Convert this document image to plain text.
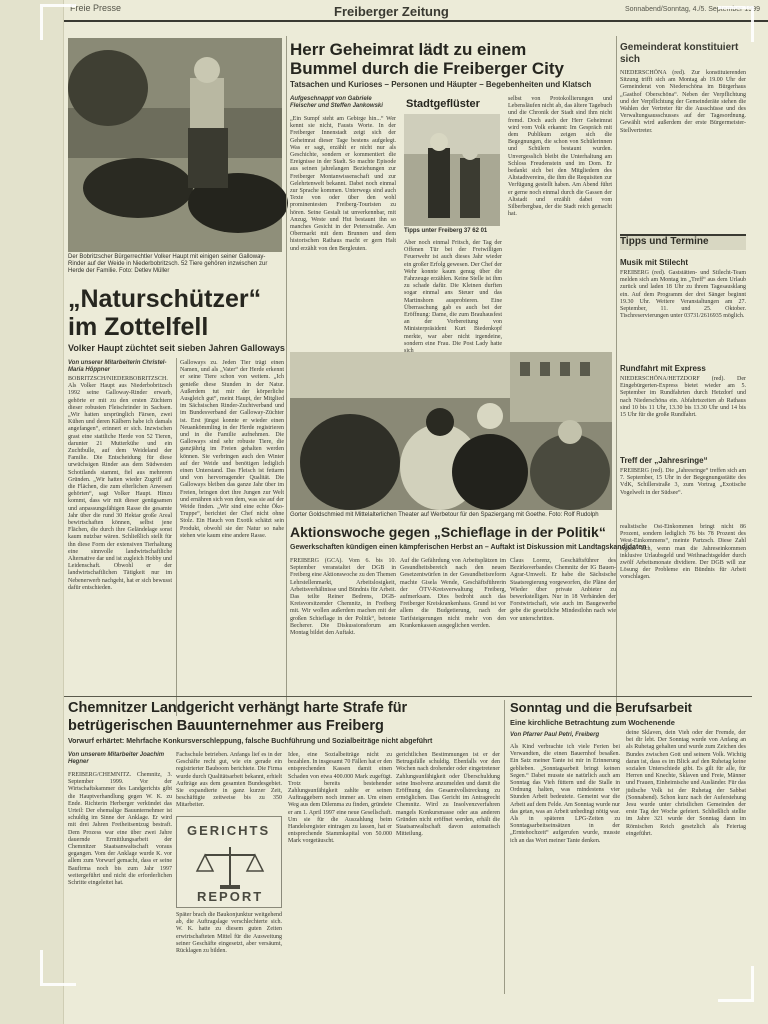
Freie Presse	Freiberger Zeitung	Sonnabend/Sonntag, 4./5. September 1999
Der Bobritzscher Bürgerrechtler Volker Haupt mit einigen seiner Galloway-Rinder auf der Weide in Niederbobritzsch. 52 Tiere gehören inzwischen zur Herde der Familie. Foto: Detlev Müller
„Naturschützer“
im Zottelfell
Volker Haupt züchtet seit sieben Jahren Galloways
Von unserer Mitarbeiterin Christel-Maria Höppner
BOBRITZSCH/NIEDERBOBRITZSCH. Als Volker Haupt aus Niederbobritzsch 1992 seine Galloway-Rinder erwarb, gehörte er mit zu den ersten Züchtern dieser robusten Fleischrinder in Sachsen. „Wir hatten ursprünglich Färsen, zwei Kühen und deren Kälbern habe ich damals angefangen“, erinnert er sich. Inzwischen grast eine stattliche Herde von 52 Tieren, darunter 21 Mutterkühe und ein Zuchtbulle, auf dem Weideland der Familie. Die Entscheidung für diese urwüchsigen Rinder aus dem Südwesten Schottlands stammt, fiel aus mehreren Gründen. „Wir hatten wieder Zugriff auf die Flächen, die zum elterlichen Anwesen gehörten“, sagt Volker Haupt. Hinzu kommt, dass wir mit dieser genügsamen und anpassungsfähigen Rasse die gesamte Jahr über die rund 30 Hektar große Areal bewirtschaften können, selbst jene Flächen, die durch ihre Geländelage sonst kaum nutzbar wären. Schließlich stellt für ihn diese Form der extensiven Tierhaltung eine sinnvolle landwirtschaftliche Alternative dar und ist zugleich Hobby und Leidenschaft. Obwohl er der landwirtschaftlichen Tätigkeit nur im Nebenerwerb nachgeht, hat er sich bewusst dafür entschieden.
Galloways zu. Jeden Tier trägt einen Namen, und als „Vater“ der Herde erkennt er seine Tiere schon von weitem. „Ich genieße diese Stunden in der Natur. Außerdem tut mir der körperliche Ausgleich gut“, meint Haupt, der Mitglied im Sächsischen Rinder-Zuchtverband und im Bundesverband der Galloway-Züchter ist. Erst jüngst konnte er wieder einen Neuankömmling in der Herde registrieren und in die Familie aufnehmen. Die Galloways sind sehr robuste Tiere, die ganzjährig im Freien gehalten werden können. Sie verbringen auch den Winter auf der Weide und benötigen lediglich einen Unterstand. Das Fleisch ist fettarm und von hervorragender Qualität. Die Galloways bleiben das ganze Jahr über im Freien, bringen dort ihre Jungen zur Welt und ernähren sich von dem, was sie auf der Weide finden. „Wir sind eine echte Öko-Truppe“, berichtet der Chef nicht ohne Stolz. Ein Hauch von Exotik schätzt sein Produkt, obwohl sie der Natur so nahe stehen wie kaum eine andere Rasse.
Herr Geheimrat lädt zu einem
Bummel durch die Freiberger City
Tatsachen und Kurioses – Personen und Häupter – Begebenheiten und Klatsch
Aufgeschnappt von Gabriele Fleischer und Steffen Jankowski
„Ein Sumpf steht am Gebirge hin...“ Wer kennt sie nicht, Fausts Worte. In der Freiberger Innenstadt zeigt sich der Geheimrat dieser Tage bestens aufgelegt. Was er sagt, erzählt er nicht nur als Geschichte, sondern er kommentiert die Ereignisse in der Stadt. So machte Episode aus seinen jahrelangen Beziehungen zur Freiberger Montanwissenschaft und zur Gelehrtenwelt bekannt. Dabei noch einmal zur Sprache kommen. Unterwegs sind auch Texte von oder über den wohl prominentesten Freiberg-Touristen zu hören. Seine Gestalt ist unverkennbar, mit Anzug, Weste und Hut bestaunt ihn so manches Gesicht in der Petersstraße. Am Obermarkt mit dem Brunnen und dem historischen Rathaus macht er gern Halt und erzählt von den Bergleuten.
Stadtgeflüster
Tipps unter Freiberg 37 62 01
Aber noch einmal Fritsch, der Tag der Offenen Tür bei der Freiwilligen Feuerwehr ist auch dieses Jahr wieder ein großer Erfolg gewesen. Der Chef der Wehr konnte kaum genug über die Fahrzeuge erzählen. Keine Stelle ist ihm zu schade dafür. Die Kleinen durften sogar einmal ans Steuer und das Martinshorn ausprobieren. Eine Überraschung gab es auch bei der Eröffnung: Dame, die zum Brauhausfest an der Vorbereitung von Ministerpräsident Kurt Biedenkopf merkte, war aber nicht irgendeine, sondern eine Frau. Die Post Lady hatte
selbst von Protokollierungen und Lebensläufen nicht ab, das ältere Tagebuch und die Chronik der Stadt sind ihm nicht fremd. Doch auch der Herr Geheimrat wird vom Volk erkannt: Im Gespräch mit dem Publikum zeigen sich die Begegnungen, die schon von Schülerinnen und Schülern bestaunt wurden. Unvergesslich bleibt die Unterhaltung am Schloss Freudenstein und im Dom. Er bedankt sich bei den Mitgliedern des Altstadtvereins, die ihm die Requisiten zur Verfügung gestellt haben. Am Abend führt er gerne noch einmal durch die Gassen der Altstadt und erzählt dabei vom Silberbergbau, der die Stadt reich gemacht hat.
Gemeinderat konstituiert sich
NIEDERSCHÖNA (red). Zur konstituierenden Sitzung trifft sich am Montag ab 19.00 Uhr der Gemeinderat von Niederschöna im Bürgerhaus „Gasthof Oberschöna“. Neben der Verpflichtung und der Verpflichtung der Gemeinderäte stehen die Wahlen der Vertreter für die Ausschüsse und des Verwaltungsausschusses auf der Tagesordnung. Gewählt wird außerdem der erste Bürgermeister-Stellvertreter.
Tipps und Termine
Musik mit Stilecht
FREIBERG (red). Gaststätten- und Stilecht-Team melden sich am Montag im „Treff“ aus dem Urlaub zurück und laden 18 Uhr zu ihrem Tagesausklang ein. Auf dem Programm der drei Sänger beginnt 19.30 Uhr. Weitere Veranstaltungen am 27. September, 11. und 25. Oktober. Tischreservierungen unter 03731/2616935 möglich.
Rundfahrt mit Express
NIEDERSCHÖNA/HETZDORF (red). Der Eingebürgerten-Express bietet wieder am 5. September im Rundfahrten durch Hetzdorf und nach Niederschöna ein. Abfahrtszeiten ab Rathaus sind 10 bis 11 Uhr, 13.30 bis 13.30 Uhr und 14 bis 15 Uhr für die große Rundfahrt.
Treff der „Jahresringe“
FREIBERG (red). Die „Jahresringe“ treffen sich am 7. September, 15 Uhr in der Begegnungsstätte des VdK, Schillerstraße 3, zum Vortrag „Exotische Vogelwelt in der Südsee“.
Gorter Goldschmied mit Mittelalterlichen Theater auf Werbetour für den Spaziergang mit Goethe. Foto: Rolf Rudolph
Aktionswoche gegen „Schieflage in der Politik“
Gewerkschaften kündigen einen kämpferischen Herbst an – Auftakt ist Diskussion mit Landtagskandidaten
FREIBERG (GCA). Vom 6. bis 10. September veranstaltet der DGB in Freiberg eine Aktionswoche zu den Themen Lehrstellenmarkt, Arbeitslosigkeit, Arbeitsverhältnisse und Bündnis für Arbeit. Das teilte Reiner Bedrens, DGB-Kreisvorsitzender Chemnitz, in Freiberg mit. Wir wollen außerdem machen mit der großen Schieflage in der Politik“, betonte Becherer. Die Diskussionsforum am Montag bildet den Auftakt.
Auf die Gefährdung von Arbeitsplätzen im Gesundheitsbereich nach den neuen Gesetzentwürfen in der Gesundheitsreform machte Gisela Wende, Geschäftsführerin der ÖTV-Kreisverwaltung Freiberg, aufmerksam. Dies bedroht auch das Freiberger Kreiskrankenhaus. Grund ist vor allem die Budgetierung, nach der Tarifsteigerungen nicht mehr von den Krankenkassen ausgeglichen werden.
Claus Lorenz, Geschäftsführer des Bezirksverbandes Chemnitz der IG Bauen-Agrar-Umwelt. Er habe die Sächsische Staatsregierung vorgeworfen, die Pläne der Wieder über private Anbieter zu bewerkstelligen. Nur in 18 Verbänden der Forstwirtschaft, wie auch im Baugewerbe gebe die gesetzliche Mindestlohn nach wie vor unterschritten.
realistische Ost-Einkommen bringt nicht 86 Prozent, sondern lediglich 76 bis 78 Prozent des West-Einkommens“, meinte Partzsch. Diese Zahl ergebe sich, wenn man die Jahreseinkommen inklusive Urlaubsgeld und Weihnachtsgelder durch zwölf Arbeitsmonate dividiere. Der DGB will zur Lösung der Probleme ein Bündnis für Arbeit vorschlagen.
Chemnitzer Landgericht verhängt harte Strafe für
betrügerischen Bauunternehmer aus Freiberg
Vorwurf erhärtet: Mehrfache Konkursverschleppung, falsche Buchführung und Sozialbeiträge nicht abgeführt
Von unserem Mitarbeiter Joachim Hegner
FREIBERG/CHEMNITZ. Chemnitz, 3. September 1999. Vor der Wirtschaftskammer des Landgerichts gibt die Hauptverhandlung gegen W. K. zu Ende. Richterin Herberger verkündet das Urteil: Der ehemalige Bauunternehmer ist schuldig im Sinne der Anklage. Er wird mit drei Jahren Freiheitsentzug bestraft. Dem Prozess war eine über zwei Jahre dauernde Ermittlungsarbeit der Chemnitzer Staatsanwaltschaft voraus gegangen. Vom der Anklage wurde K. vor allem zum Vorwurf gemacht, dass er seine Baufirma noch bis zum Jahr 1997 weitergeführt und nicht die erforderlichen Schritte eingeleitet hat.
Fachschule betrieben. Anfangs lief es in der Geschäfte recht gut, wie ein gerade ein registrierter Bauboom berichtete. Die Firma wurde durch Qualitätsarbeit bekannt, erhielt Aufträge aus dem gesamten Bundesgebiet. Sie expandierte in ganz kurzer Zeit, beschäftigte zeitweise bis zu 350 Mitarbeiter.
GERICHTS
REPORT
Später brach die Baukonjunktur weitgehend ab, die Auftragslage verschlechterte sich. W. K. hatte zu diesem guten Zeiten erwirtschafteten Mittel für die Ausweitung seiner Geschäfte eingesetzt, aber versäumt, Rücklagen zu bilden.
Idee, eine Sozialbeiträge nicht zu bezahlen. In insgesamt 70 Fällen hat er den entsprechenden Kassen damit einen Schaden von etwa 400.000 Mark zugefügt. Trotz bereits bestehender Zahlungsunfähigkeit zahlte er seinen Auftraggebern noch immer an. Um einen Weg aus dem Dilemma zu finden, gründete er am 1. April 1997 eine neue Gesellschaft. Um sie für die Auszahlung beim Handelsregister eintragen zu lassen, hat er entsprechende Stammkapital von 50.000 Mark vorgetäuscht.
gerichtlichen Bestimmungen ist er der Betrugsfälle schuldig. Ebenfalls vor den Wochen nach drohender oder eingetretener Zahlungsunfähigkeit oder Überschuldung seine Insolvenz anzumelden und damit die Eröffnung des Gesamtvollstreckung zu ermöglichen. Das Gericht im Antragrecht Chemnitz. Wird zu Insolvenzverfahren mangels Konkursmasse oder aus anderen Gründen nicht eröffnet werden, erhält die Staatsanwaltschaft davon automatisch Mitteilung.
Sonntag und die Berufsarbeit
Eine kirchliche Betrachtung zum Wochenende
Von Pfarrer Paul Petri, Freiberg
Als Kind verbrachte ich viele Ferien bei Verwandten, die einen Bauernhof besaßen. Ein Satz meiner Tante ist mir in Erinnerung geblieben. „Sonntagsarbeit bringt keinen Segen.“ Dabei musste sie natürlich auch am Sonntag das Vieh füttern und die Stalle in Ordnung halten, was mindestens vier Stunden Arbeit bedeutete. Gemeint war die Arbeit auf dem Felde. Am Sonntag wurde nur das getan, was an Arbeit unbedingt nötig war. Als in späteren LPG-Zeiten zu Sonntagsarbeitseinsätzen in der „Erntehochzeit“ aufgerufen wurde, musste ich an das Wort meiner Tante denken.
deine Sklaven, dein Vieh oder der Fremde, der bei dir lebt. Der Sonntag wurde von Anfang an als Ruhetag gehalten und wurde zum Zeichen des Bundes zwischen Gott und seinem Volk. Wichtig daran ist, dass es im Blick auf den Ruhetag keine sozialen Unterschiede gibt. Es gilt für alle, für Herren und Knechte, Sklaven und Freie, Männer und Frauen, Einheimische und Ausländer. Für das jüdische Volk ist der Ruhetag der Sabbat (Sonnabend). Schon kurz nach der Auferstehung Jesu wurde unter christlichen Gemeinden der erste Tag der Woche gefeiert. Schließlich stellte im Jahre 321 wurde der Sonntag dann im Römischen Reich gesetzlich als Feiertag eingeführt.
